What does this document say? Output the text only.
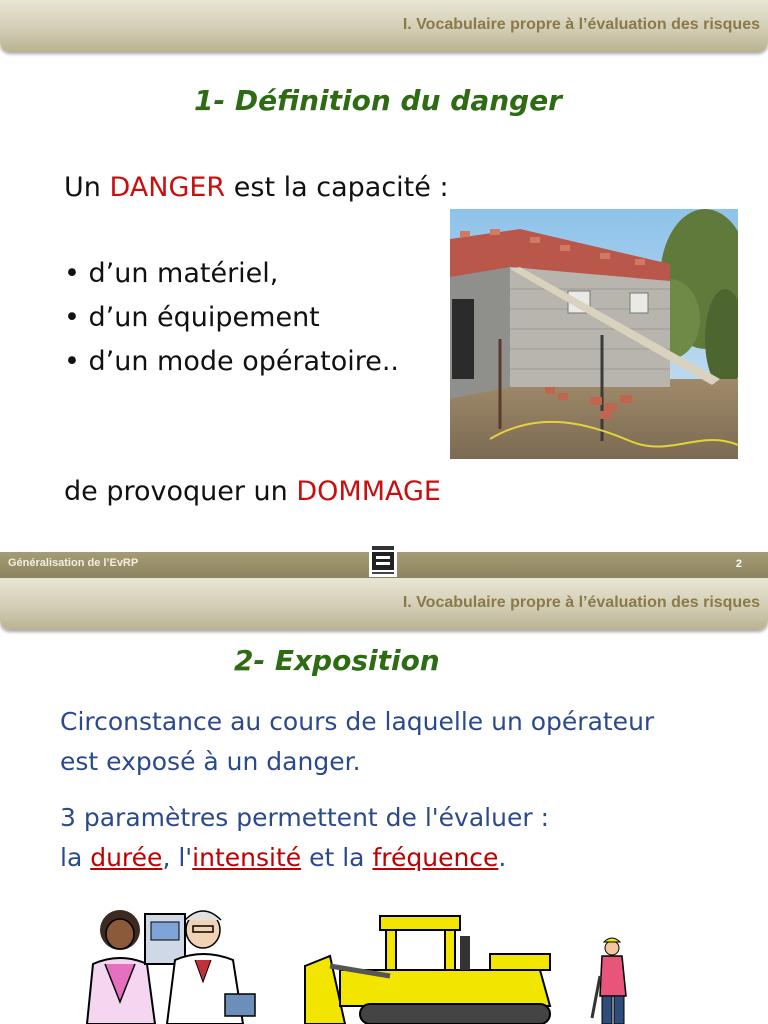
I. Vocabulaire propre à l’évaluation des risques
1- Définition du danger
Un DANGER est la capacité :
• d’un matériel,
• d’un équipement
• d’un mode opératoire..
de provoquer un DOMMAGE
Généralisation de l’EvRP	2
I. Vocabulaire propre à l’évaluation des risques
2- Exposition
Circonstance au cours de laquelle un opérateur
est exposé à un danger.
3 paramètres permettent de l'évaluer :
la durée, l'intensité et la fréquence.
